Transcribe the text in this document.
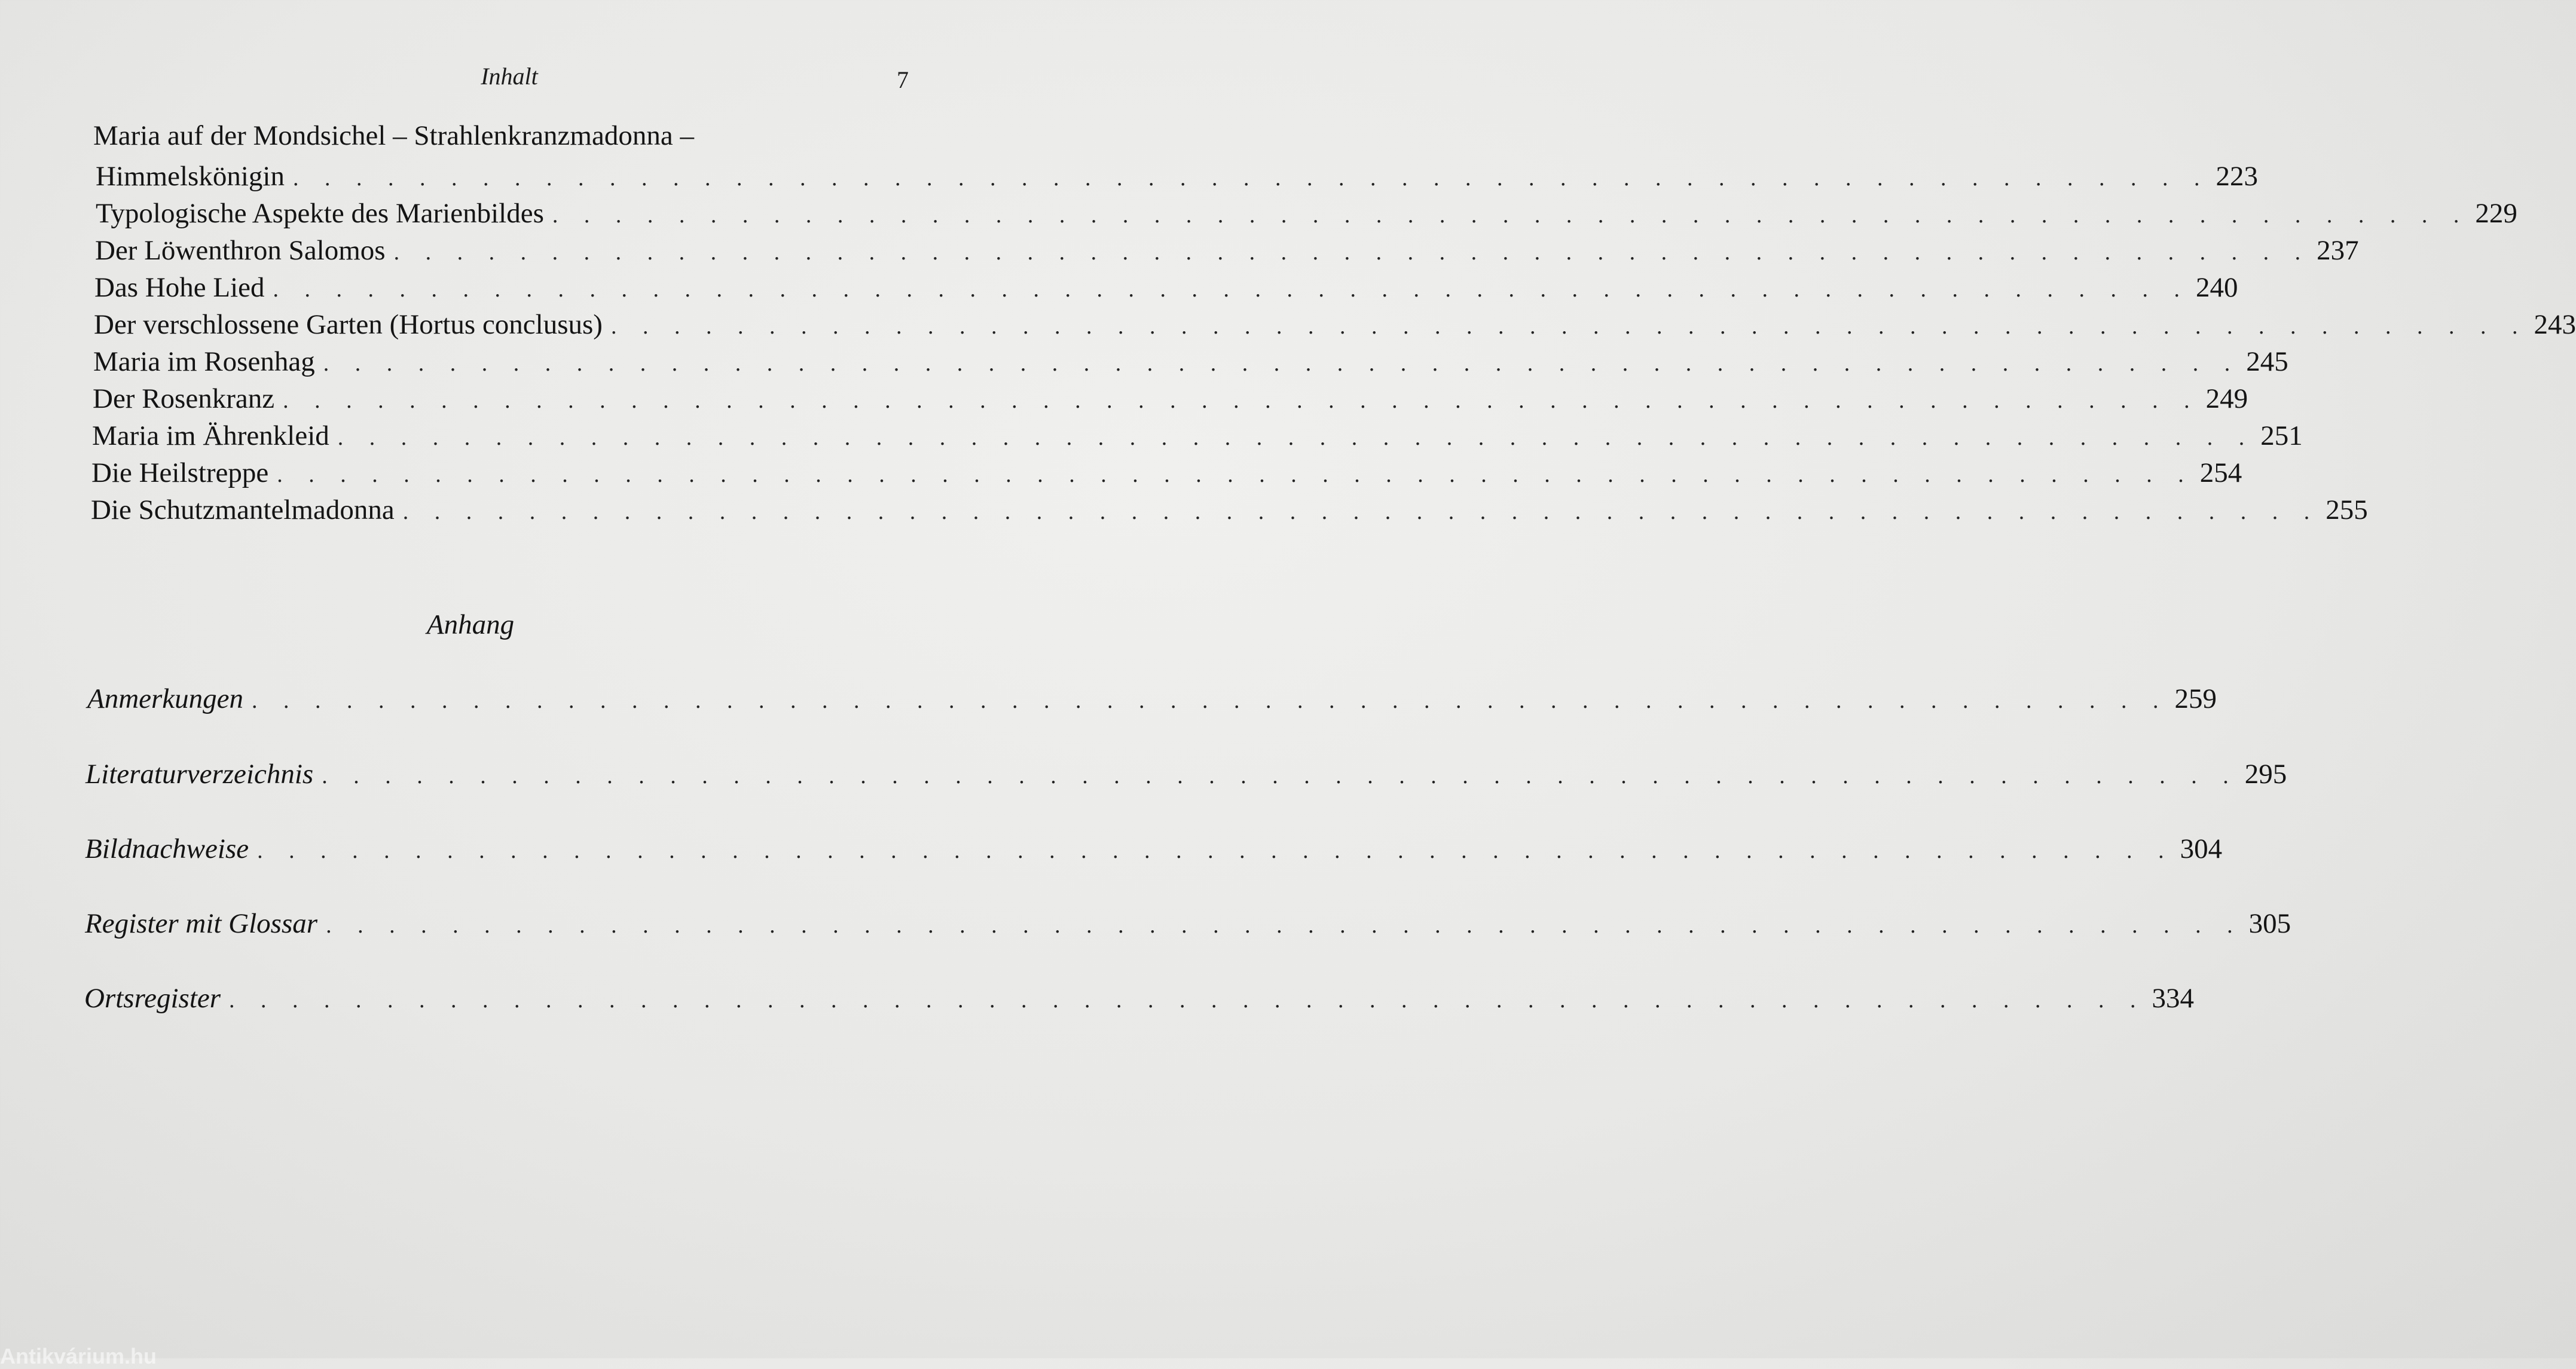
Inhalt	7
Maria auf der Mondsichel – Strahlenkranzmadonna –
Himmelskönigin . . . . . . . . . . . . . . . . . . . . . . . . . . . . . . . . . . . . . . . . . . . . . . . . . . . . . . . . . . . . . 223
Typologische Aspekte des Marienbildes . . . . . . . . . . . . . . . . . . . . . . . . . . . . . . . . . . . . . . . . . . . . . . . . . . . . . . . . . . . . . 229
Der Löwenthron Salomos . . . . . . . . . . . . . . . . . . . . . . . . . . . . . . . . . . . . . . . . . . . . . . . . . . . . . . . . . . . . . 237
Das Hohe Lied . . . . . . . . . . . . . . . . . . . . . . . . . . . . . . . . . . . . . . . . . . . . . . . . . . . . . . . . . . . . . 240
Der verschlossene Garten (Hortus conclusus) . . . . . . . . . . . . . . . . . . . . . . . . . . . . . . . . . . . . . . . . . . . . . . . . . . . . . . . . . . . . . 243
Maria im Rosenhag . . . . . . . . . . . . . . . . . . . . . . . . . . . . . . . . . . . . . . . . . . . . . . . . . . . . . . . . . . . . . 245
Der Rosenkranz . . . . . . . . . . . . . . . . . . . . . . . . . . . . . . . . . . . . . . . . . . . . . . . . . . . . . . . . . . . . . 249
Maria im Ährenkleid . . . . . . . . . . . . . . . . . . . . . . . . . . . . . . . . . . . . . . . . . . . . . . . . . . . . . . . . . . . . . 251
Die Heilstreppe . . . . . . . . . . . . . . . . . . . . . . . . . . . . . . . . . . . . . . . . . . . . . . . . . . . . . . . . . . . . . 254
Die Schutzmantelmadonna . . . . . . . . . . . . . . . . . . . . . . . . . . . . . . . . . . . . . . . . . . . . . . . . . . . . . . . . . . . . . 255
Anhang
Anmerkungen . . . . . . . . . . . . . . . . . . . . . . . . . . . . . . . . . . . . . . . . . . . . . . . . . . . . . . . . . . . . . 259
Literaturverzeichnis . . . . . . . . . . . . . . . . . . . . . . . . . . . . . . . . . . . . . . . . . . . . . . . . . . . . . . . . . . . . . 295
Bildnachweise . . . . . . . . . . . . . . . . . . . . . . . . . . . . . . . . . . . . . . . . . . . . . . . . . . . . . . . . . . . . . 304
Register mit Glossar . . . . . . . . . . . . . . . . . . . . . . . . . . . . . . . . . . . . . . . . . . . . . . . . . . . . . . . . . . . . . 305
Ortsregister . . . . . . . . . . . . . . . . . . . . . . . . . . . . . . . . . . . . . . . . . . . . . . . . . . . . . . . . . . . . . 334
Antikvárium.hu
